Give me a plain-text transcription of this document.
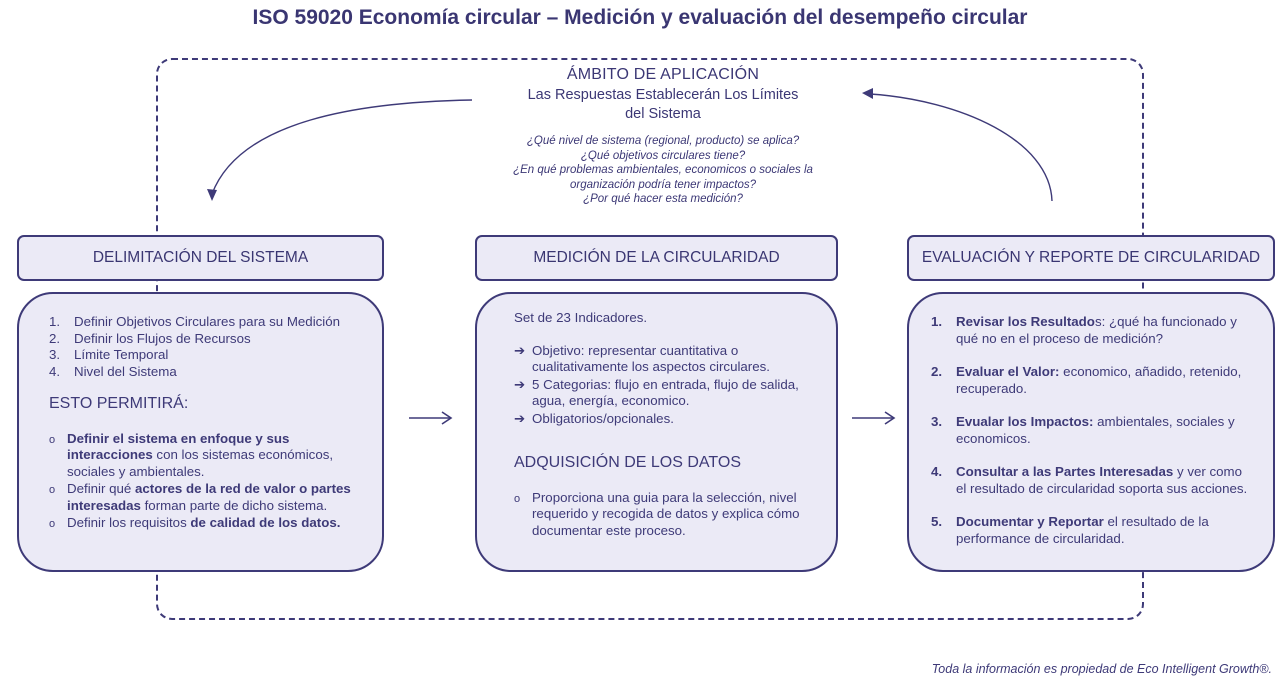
ISO 59020 Economía circular – Medición y evaluación del desempeño circular
ÁMBITO DE APLICACIÓN
Las Respuestas Establecerán Los Límites
del Sistema
¿Qué nivel de sistema (regional, producto) se aplica?
¿Qué objetivos circulares tiene?
¿En qué problemas ambientales, economicos o sociales la
organización podría tener impactos?
¿Por qué hacer esta medición?
DELIMITACIÓN DEL SISTEMA	MEDICIÓN DE LA CIRCULARIDAD	EVALUACIÓN Y REPORTE DE CIRCULARIDAD
1. Definir Objetivos Circulares para su Medición
2. Definir los Flujos de Recursos
3. Límite Temporal
4. Nivel del Sistema
ESTO PERMITIRÁ:
o Definir el sistema en enfoque y sus interacciones con los sistemas económicos, sociales y ambientales.
o Definir qué actores de la red de valor o partes interesadas forman parte de dicho sistema.
o Definir los requisitos de calidad de los datos.
Set de 23 Indicadores.
➔ Objetivo: representar cuantitativa o cualitativamente los aspectos circulares.
➔ 5 Categorias: flujo en entrada, flujo de salida, agua, energía, economico.
➔ Obligatorios/opcionales.
ADQUISICIÓN DE LOS DATOS
o Proporciona una guia para la selección, nivel requerido y recogida de datos y explica cómo documentar este proceso.
1.	Revisar los Resultados: ¿qué ha funcionado y qué no en el proceso de medición?
2.	Evaluar el Valor: economico, añadido, retenido, recuperado.
3.	Evualar los Impactos: ambientales, sociales y economicos.
4.	Consultar a las Partes Interesadas y ver como el resultado de circularidad soporta sus acciones.
5.	Documentar y Reportar el resultado de la performance de circularidad.
Toda la información es propiedad de Eco Intelligent Growth®.
